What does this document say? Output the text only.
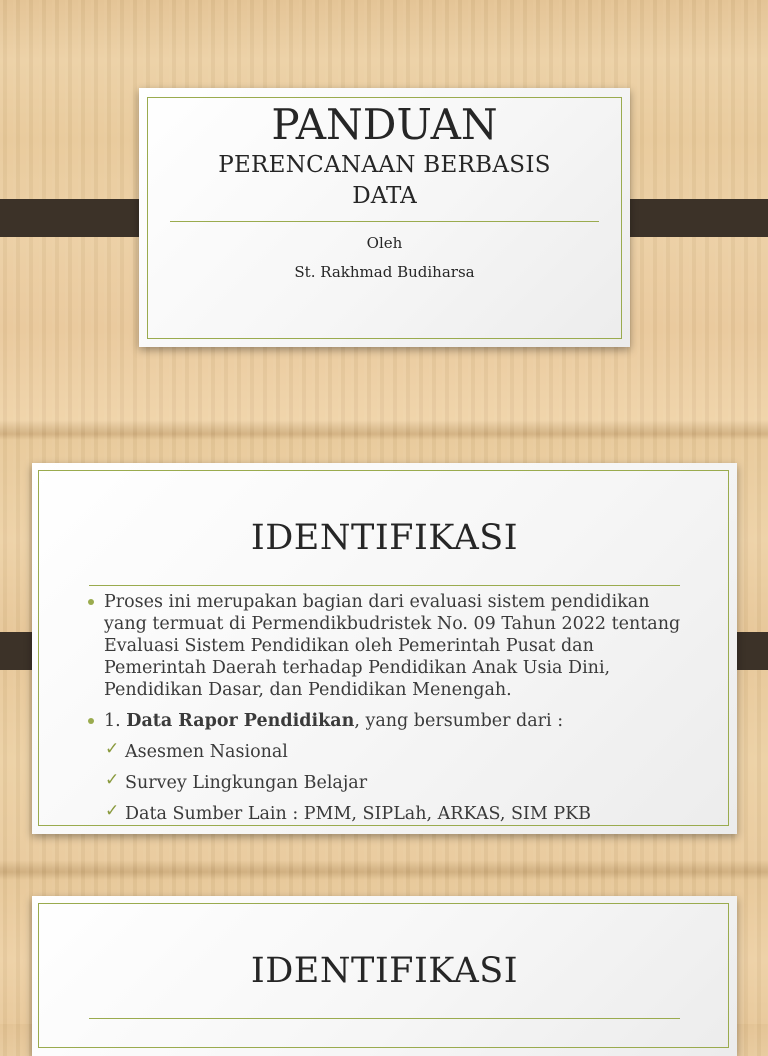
PANDUAN
PERENCANAAN BERBASIS
DATA
Oleh
St. Rakhmad Budiharsa
IDENTIFIKASI
Proses ini merupakan bagian dari evaluasi sistem pendidikan yang termuat di Permendikbudristek No. 09 Tahun 2022 tentang Evaluasi Sistem Pendidikan oleh Pemerintah Pusat dan Pemerintah Daerah terhadap Pendidikan Anak Usia Dini, Pendidikan Dasar, dan Pendidikan Menengah.
1. Data Rapor Pendidikan, yang bersumber dari :
✓ Asesmen Nasional
✓ Survey Lingkungan Belajar
✓ Data Sumber Lain : PMM, SIPLah, ARKAS, SIM PKB
IDENTIFIKASI
